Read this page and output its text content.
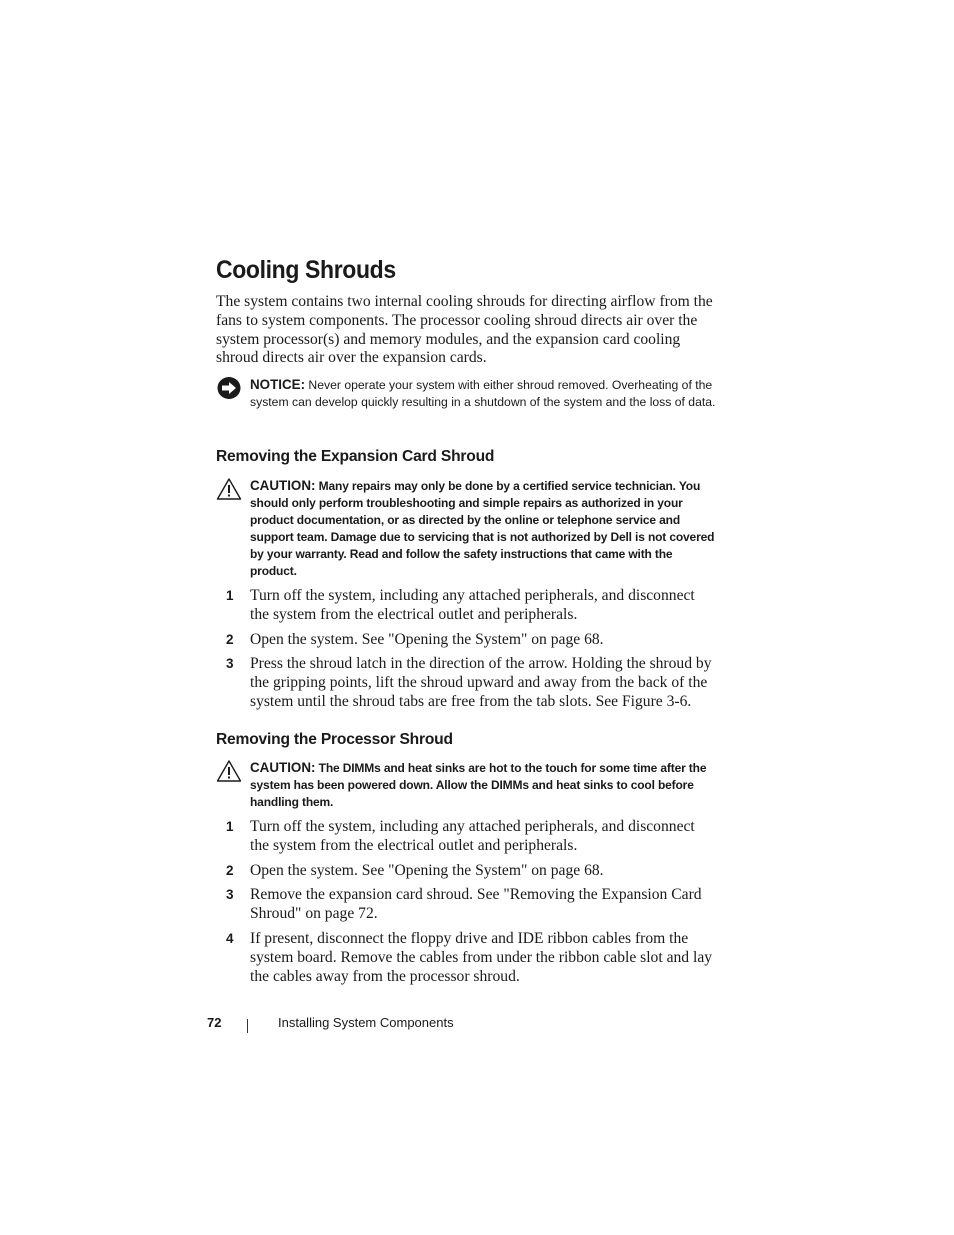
Cooling Shrouds

The system contains two internal cooling shrouds for directing airflow from the fans to system components. The processor cooling shroud directs air over the system processor(s) and memory modules, and the expansion card cooling shroud directs air over the expansion cards.

NOTICE: Never operate your system with either shroud removed. Overheating of the system can develop quickly resulting in a shutdown of the system and the loss of data.
Removing the Expansion Card Shroud
CAUTION: Many repairs may only be done by a certified service technician. You should only perform troubleshooting and simple repairs as authorized in your product documentation, or as directed by the online or telephone service and support team. Damage due to servicing that is not authorized by Dell is not covered by your warranty. Read and follow the safety instructions that came with the product.
1 Turn off the system, including any attached peripherals, and disconnect the system from the electrical outlet and peripherals.

2 Open the system. See "Opening the System" on page 68.

3 Press the shroud latch in the direction of the arrow. Holding the shroud by the gripping points, lift the shroud upward and away from the back of the system until the shroud tabs are free from the tab slots. See Figure 3-6.

Removing the Processor Shroud
CAUTION: The DIMMs and heat sinks are hot to the touch for some time after the system has been powered down. Allow the DIMMs and heat sinks to cool before handling them.
1 Turn off the system, including any attached peripherals, and disconnect the system from the electrical outlet and peripherals.

2 Open the system. See "Opening the System" on page 68.

3 Remove the expansion card shroud. See "Removing the Expansion Card Shroud" on page 72.

4 If present, disconnect the floppy drive and IDE ribbon cables from the system board. Remove the cables from under the ribbon cable slot and lay the cables away from the processor shroud.

72	Installing System Components
